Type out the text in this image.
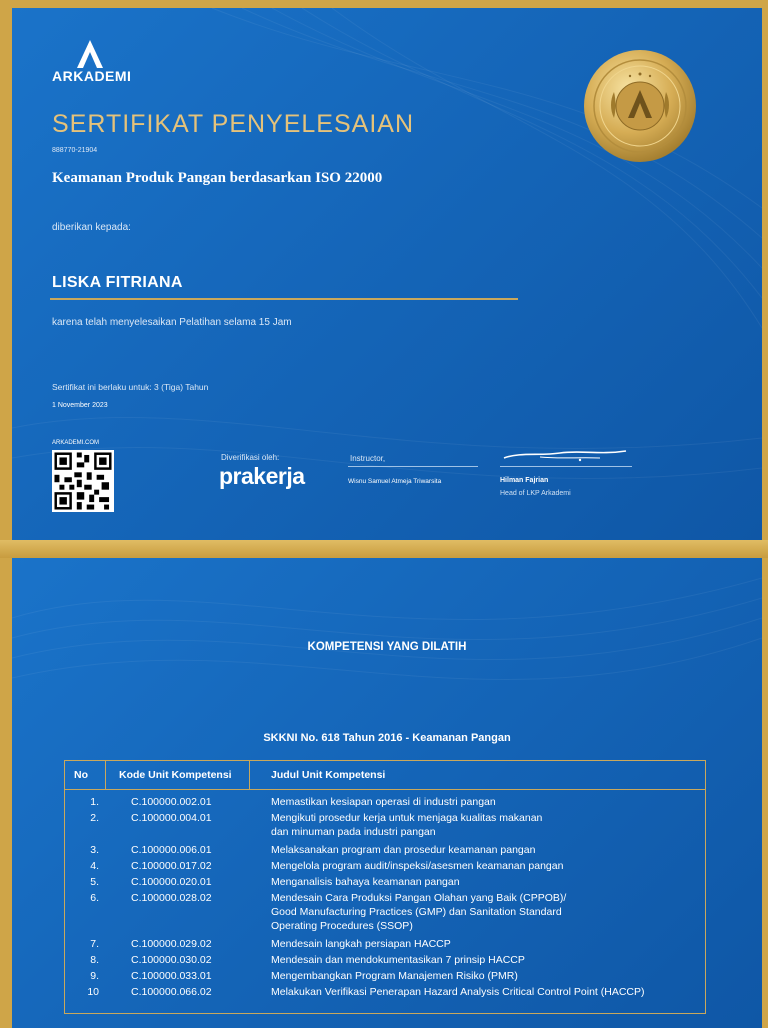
ARKADEMI
SERTIFIKAT PENYELESAIAN
888770-21904
Keamanan Produk Pangan berdasarkan ISO 22000
diberikan kepada:
LISKA FITRIANA
karena telah menyelesaikan Pelatihan selama 15 Jam
Sertifikat ini berlaku untuk: 3 (Tiga) Tahun
1 November 2023
ARKADEMI.COM
Diverifikasi oleh:
prakerja
Instructor,
Wisnu Samuel Atmeja Triwarsita	Hilman Fajrian
Head of LKP Arkademi
KOMPETENSI YANG DILATIH
SKKNI No. 618 Tahun 2016 - Keamanan Pangan
No	Kode Unit Kompetensi	Judul Unit Kompetensi
1.	C.100000.002.01	Memastikan kesiapan operasi di industri pangan
2.	C.100000.004.01	Mengikuti prosedur kerja untuk menjaga kualitas makanan
dan minuman pada industri pangan
3.	C.100000.006.01	Melaksanakan program dan prosedur keamanan pangan
4.	C.100000.017.02	Mengelola program audit/inspeksi/asesmen keamanan pangan
5.	C.100000.020.01	Menganalisis bahaya keamanan pangan
6.	C.100000.028.02	Mendesain Cara Produksi Pangan Olahan yang Baik (CPPOB)/
Good Manufacturing Practices (GMP) dan Sanitation Standard
Operating Procedures (SSOP)
7.	C.100000.029.02	Mendesain langkah persiapan HACCP
8.	C.100000.030.02	Mendesain dan mendokumentasikan 7 prinsip HACCP
9.	C.100000.033.01	Mengembangkan Program Manajemen Risiko (PMR)
10	C.100000.066.02	Melakukan Verifikasi Penerapan Hazard Analysis Critical Control Point (HACCP)
